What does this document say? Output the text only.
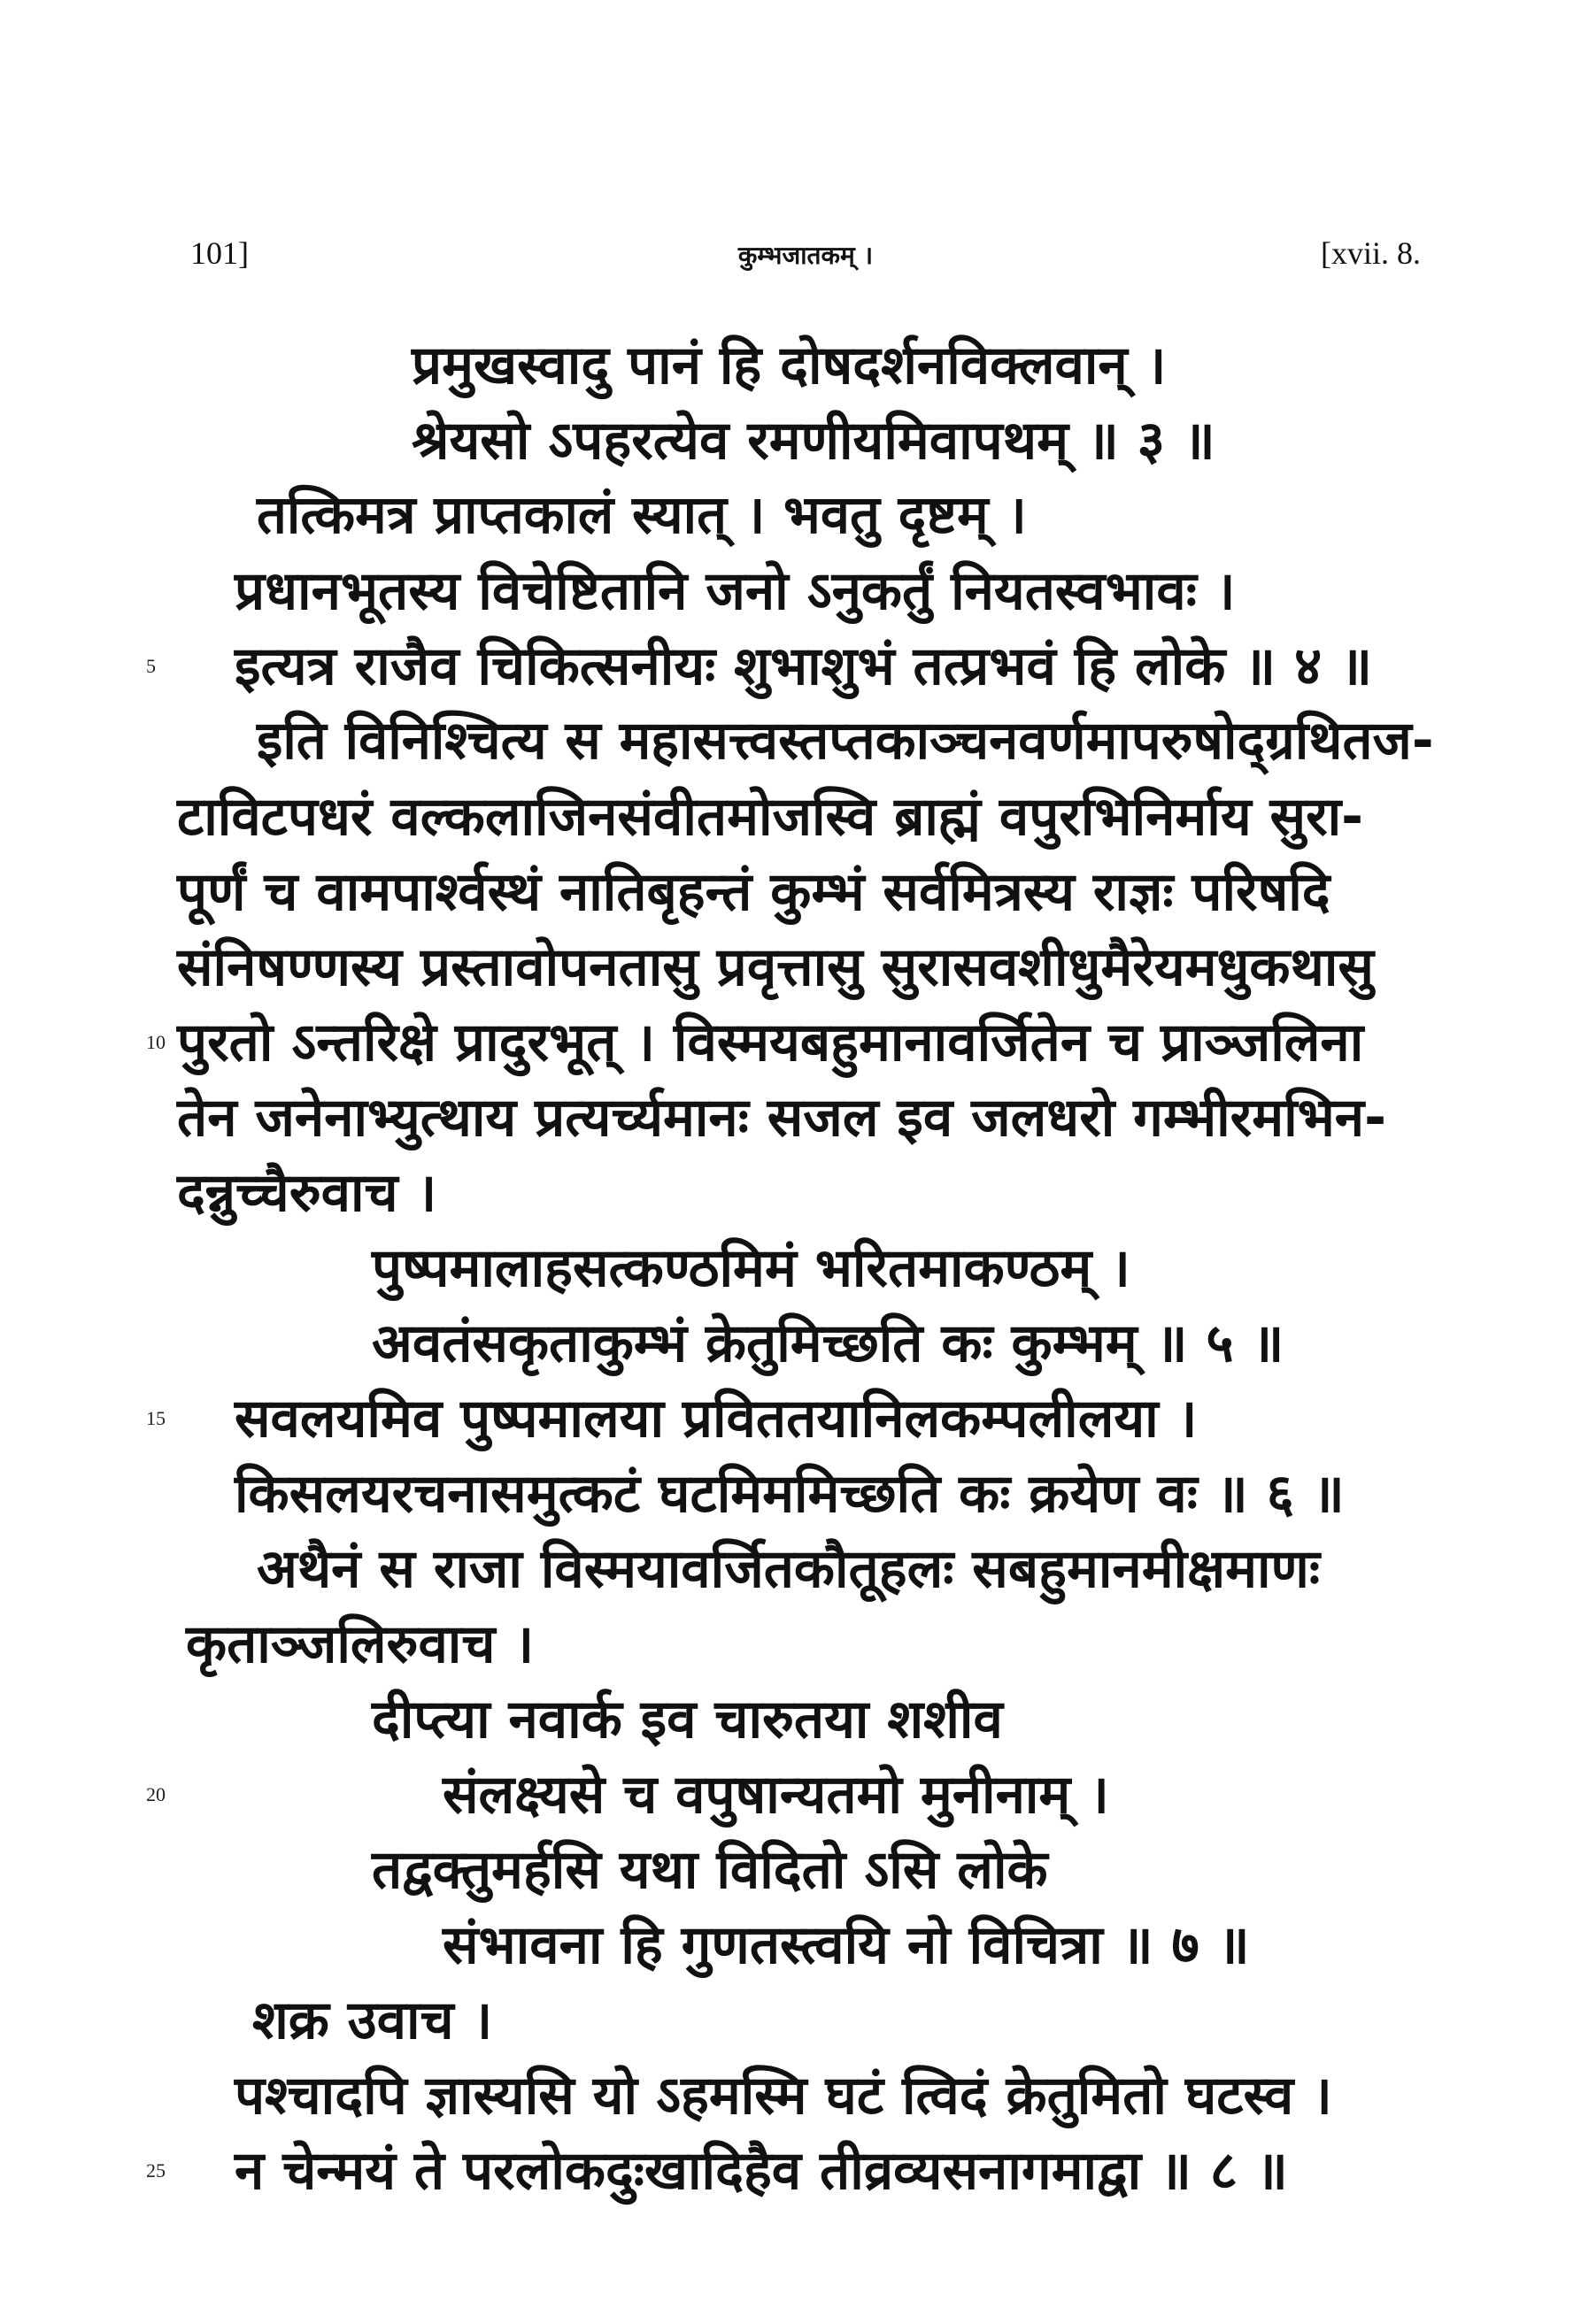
101]	कुम्भजातकम् ।	[xvii. 8.
प्रमुखस्वादु पानं हि दोषदर्शनविक्लवान् ।
श्रेयसो ऽपहरत्येव रमणीयमिवापथम् ॥ ३ ॥
तत्किमत्र प्राप्तकालं स्यात् । भवतु दृष्टम् ।
प्रधानभूतस्य विचेष्टितानि जनो ऽनुकर्तुं नियतस्वभावः ।
इत्यत्र राजैव चिकित्सनीयः शुभाशुभं तत्प्रभवं हि लोके ॥ ४ ॥
इति विनिश्चित्य स महासत्त्वस्तप्तकाञ्चनवर्णमापरुषोद्ग्रथितज-
टाविटपधरं वल्कलाजिनसंवीतमोजस्वि ब्राह्मं वपुरभिनिर्माय सुरा-
पूर्णं च वामपार्श्वस्थं नातिबृहन्तं कुम्भं सर्वमित्रस्य राज्ञः परिषदि
संनिषण्णस्य प्रस्तावोपनतासु प्रवृत्तासु सुरासवशीधुमैरेयमधुकथासु
पुरतो ऽन्तरिक्षे प्रादुरभूत् । विस्मयबहुमानावर्जितेन च प्राञ्जलिना
तेन जनेनाभ्युत्थाय प्रत्यर्च्यमानः सजल इव जलधरो गम्भीरमभिन-
दन्नुच्चैरुवाच ।
पुष्पमालाहसत्कण्ठमिमं भरितमाकण्ठम् ।
अवतंसकृताकुम्भं क्रेतुमिच्छति कः कुम्भम् ॥ ५ ॥
सवलयमिव पुष्पमालया प्रविततयानिलकम्पलीलया ।
किसलयरचनासमुत्कटं घटमिममिच्छति कः क्रयेण वः ॥ ६ ॥
अथैनं स राजा विस्मयावर्जितकौतूहलः सबहुमानमीक्षमाणः
कृताञ्जलिरुवाच ।
दीप्त्या नवार्क इव चारुतया शशीव
संलक्ष्यसे च वपुषान्यतमो मुनीनाम् ।
तद्वक्तुमर्हसि यथा विदितो ऽसि लोके
संभावना हि गुणतस्त्वयि नो विचित्रा ॥ ७ ॥
शक्र उवाच ।
पश्चादपि ज्ञास्यसि यो ऽहमस्मि घटं त्विदं क्रेतुमितो घटस्व ।
न चेन्मयं ते परलोकदुःखादिहैव तीव्रव्यसनागमाद्वा ॥ ८ ॥
5
10
15
20
25
